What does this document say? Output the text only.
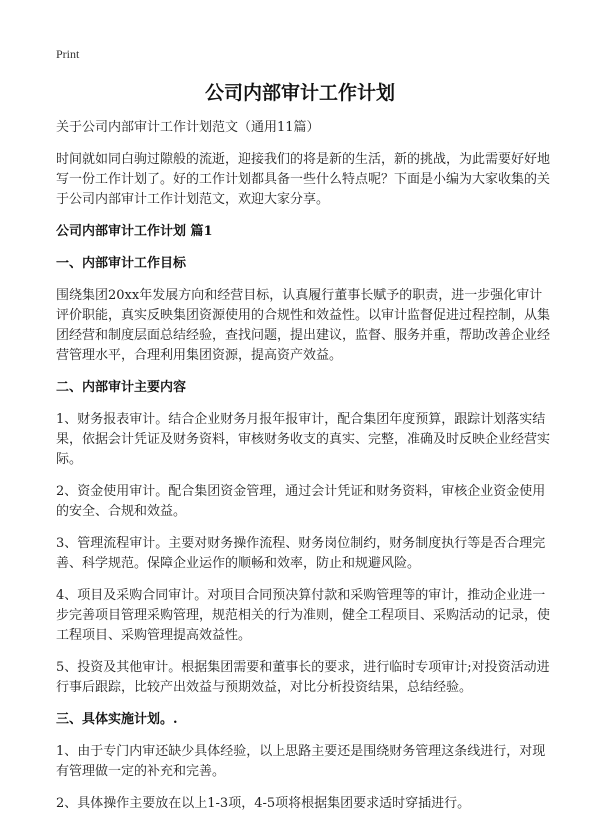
Print
公司内部审计工作计划

关于公司内部审计工作计划范文（通用11篇）

时间就如同白驹过隙般的流逝，迎接我们的将是新的生活，新的挑战，为此需要好好地写一份工作计划了。好的工作计划都具备一些什么特点呢？下面是小编为大家收集的关于公司内部审计工作计划范文，欢迎大家分享。

公司内部审计工作计划 篇1

一、内部审计工作目标

围绕集团20xx年发展方向和经营目标，认真履行董事长赋予的职责，进一步强化审计评价职能，真实反映集团资源使用的合规性和效益性。以审计监督促进过程控制，从集团经营和制度层面总结经验，查找问题，提出建议，监督、服务并重，帮助改善企业经营管理水平，合理利用集团资源，提高资产效益。

二、内部审计主要内容

1、财务报表审计。结合企业财务月报年报审计，配合集团年度预算，跟踪计划落实结果，依据会计凭证及财务资料，审核财务收支的真实、完整，准确及时反映企业经营实际。

2、资金使用审计。配合集团资金管理，通过会计凭证和财务资料，审核企业资金使用的安全、合规和效益。

3、管理流程审计。主要对财务操作流程、财务岗位制约，财务制度执行等是否合理完善、科学规范。保障企业运作的顺畅和效率，防止和规避风险。

4、项目及采购合同审计。对项目合同预决算付款和采购管理等的审计，推动企业进一步完善项目管理采购管理，规范相关的行为准则，健全工程项目、采购活动的记录，使工程项目、采购管理提高效益性。

5、投资及其他审计。根据集团需要和董事长的要求，进行临时专项审计;对投资活动进行事后跟踪，比较产出效益与预期效益，对比分析投资结果，总结经验。

三、具体实施计划。.

1、由于专门内审还缺少具体经验，以上思路主要还是围绕财务管理这条线进行，对现有管理做一定的补充和完善。

2、具体操作主要放在以上1-3项，4-5项将根据集团要求适时穿插进行。
